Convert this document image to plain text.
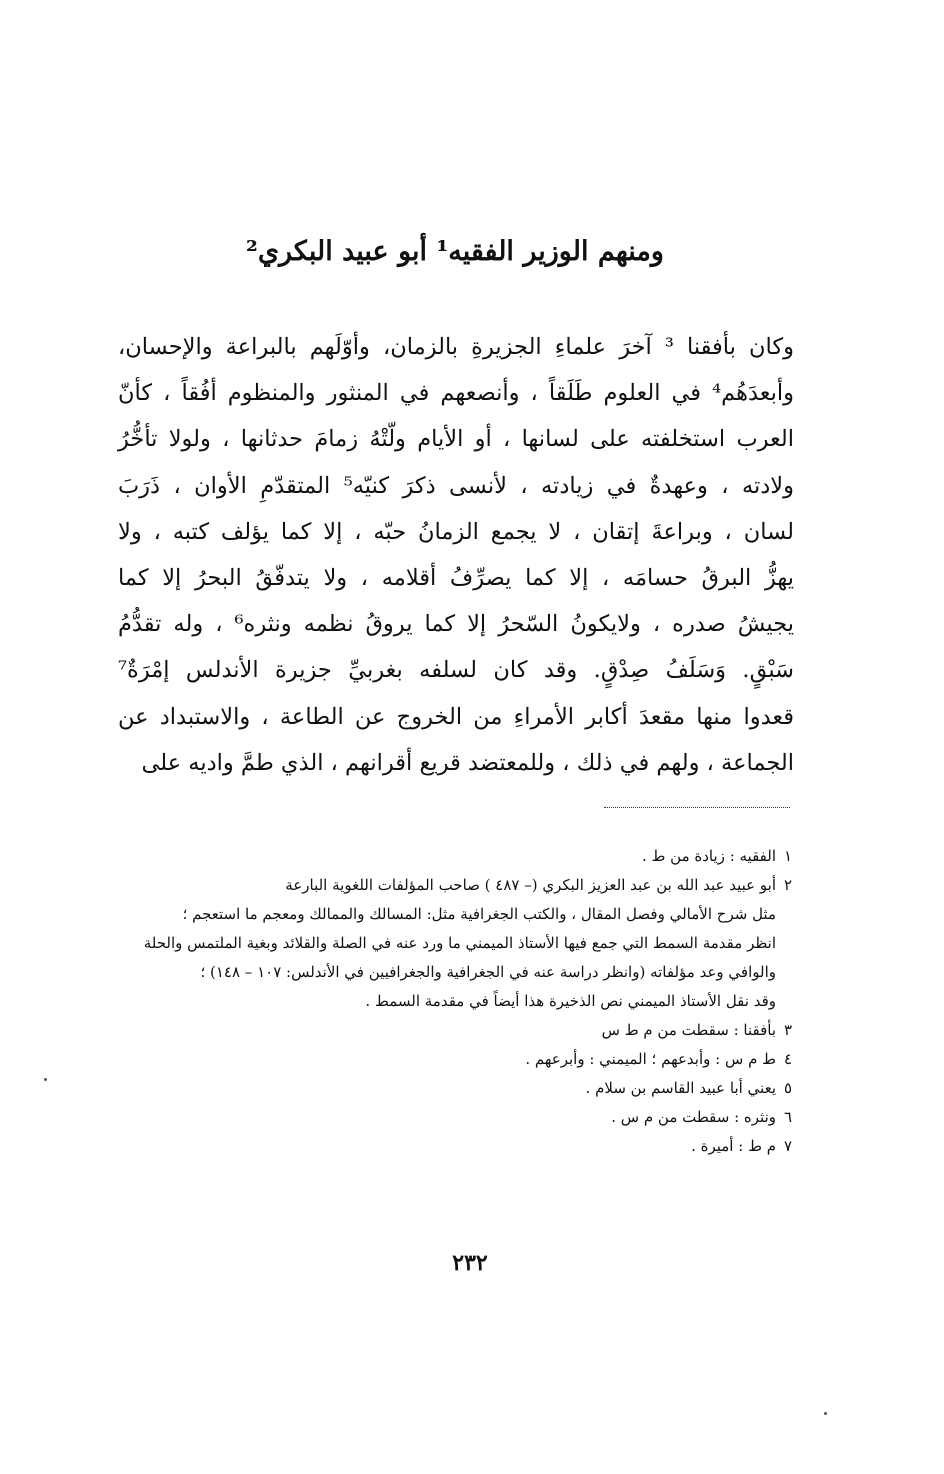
ومنهم الوزير الفقيه¹ أبو عبيد البكري²
وكان بأفقنا ³ آخرَ علماءِ الجزيرةِ بالزمان، وأوّلَهم بالبراعة والإحسان،
وأبعدَهُم⁴ في العلوم طَلَقاً ، وأنصعهم في المنثور والمنظوم أفُقاً ، كأنّ
العرب استخلفته على لسانها ، أو الأيام ولّتْهُ زمامَ حدثانها ، ولولا تأخُّرُ
ولادته ، وعهدةٌ في زيادته ، لأنسى ذكرَ كنيّه⁵ المتقدّمِ الأوان ، ذَرَبَ
لسان ، وبراعةَ إتقان ، لا يجمع الزمانُ حبّه ، إلا كما يؤلف كتبه ، ولا
يهزُّ البرقُ حسامَه ، إلا كما يصرِّفُ أقلامه ، ولا يتدفّقُ البحرُ إلا كما
يجيشُ صدره ، ولايكونُ السّحرُ إلا كما يروقُ نظمه ونثره⁶ ، وله تقدُّمُ
سَبْقٍ. وَسَلَفُ صِدْقٍ. وقد كان لسلفه بغربيِّ جزيرة الأندلس إمْرَةٌ⁷
قعدوا منها مقعدَ أكابر الأمراءِ من الخروج عن الطاعة ، والاستبداد عن
الجماعة ، ولهم في ذلك ، وللمعتضد قريع أقرانهم ، الذي طمَّ واديه على
١الفقيه : زيادة من ط .
٢أبو عبيد عبد الله بن عبد العزيز البكري (– ٤٨٧ ) صاحب المؤلفات اللغوية البارعة
مثل شرح الأمالي وفصل المقال ، والكتب الجغرافية مثل: المسالك والممالك ومعجم ما استعجم ؛
انظر مقدمة السمط التي جمع فيها الأستاذ الميمني ما ورد عنه في الصلة والقلائد وبغية الملتمس والحلة
والوافي وعد مؤلفاته (وانظر دراسة عنه في الجغرافية والجغرافيين في الأندلس: ١٠٧ – ١٤٨) ؛
وقد نقل الأستاذ الميمني نص الذخيرة هذا أيضاً في مقدمة السمط .
٣بأفقنا : سقطت من م ط س
٤ط م س : وأبدعهم ؛ الميمني : وأبرعهم .
٥يعني أبا عبيد القاسم بن سلام .
٦ونثره : سقطت من م س .
٧م ط : أميرة .
٢٣٢
